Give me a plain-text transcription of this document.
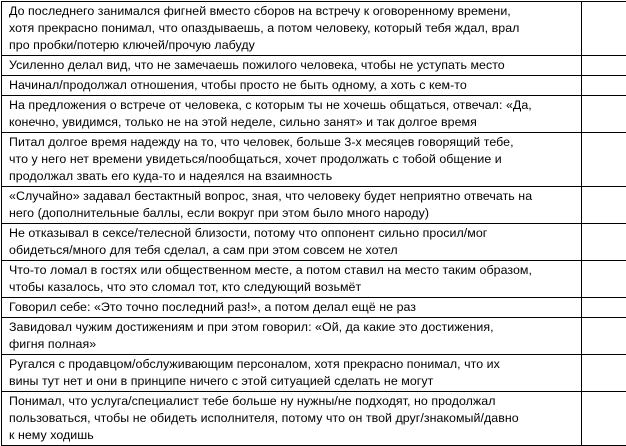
До последнего занимался фигней вместо сборов на встречу к оговоренному времени,
хотя прекрасно понимал, что опаздываешь, а потом человеку, который тебя ждал, врал
про пробки/потерю ключей/прочую лабуду	
Усиленно делал вид, что не замечаешь пожилого человека, чтобы не уступать место	
Начинал/продолжал отношения, чтобы просто не быть одному, а хоть с кем-то	
На предложения о встрече от человека, с которым ты не хочешь общаться, отвечал: «Да,
конечно, увидимся, только не на этой неделе, сильно занят» и так долгое время	
Питал долгое время надежду на то, что человек, больше 3-х месяцев говорящий тебе,
что у него нет времени увидеться/пообщаться, хочет продолжать с тобой общение и
продолжал звать его куда-то и надеялся на взаимность	
«Случайно» задавал бестактный вопрос, зная, что человеку будет неприятно отвечать на
него (дополнительные баллы, если вокруг при этом было много народу)	
Не отказывал в сексе/телесной близости, потому что оппонент сильно просил/мог
обидеться/много для тебя сделал, а сам при этом совсем не хотел	
Что-то ломал в гостях или общественном месте, а потом ставил на место таким образом,
чтобы казалось, что это сломал тот, кто следующий возьмёт	
Говорил себе: «Это точно последний раз!», а потом делал ещё не раз	
Завидовал чужим достижениям и при этом говорил: «Ой, да какие это достижения,
фигня полная»	
Ругался с продавцом/обслуживающим персоналом, хотя прекрасно понимал, что их
вины тут нет и они в принципе ничего с этой ситуацией сделать не могут	
Понимал, что услуга/специалист тебе больше ну нужны/не подходят, но продолжал
пользоваться, чтобы не обидеть исполнителя, потому что он твой друг/знакомый/давно
к нему ходишь	
